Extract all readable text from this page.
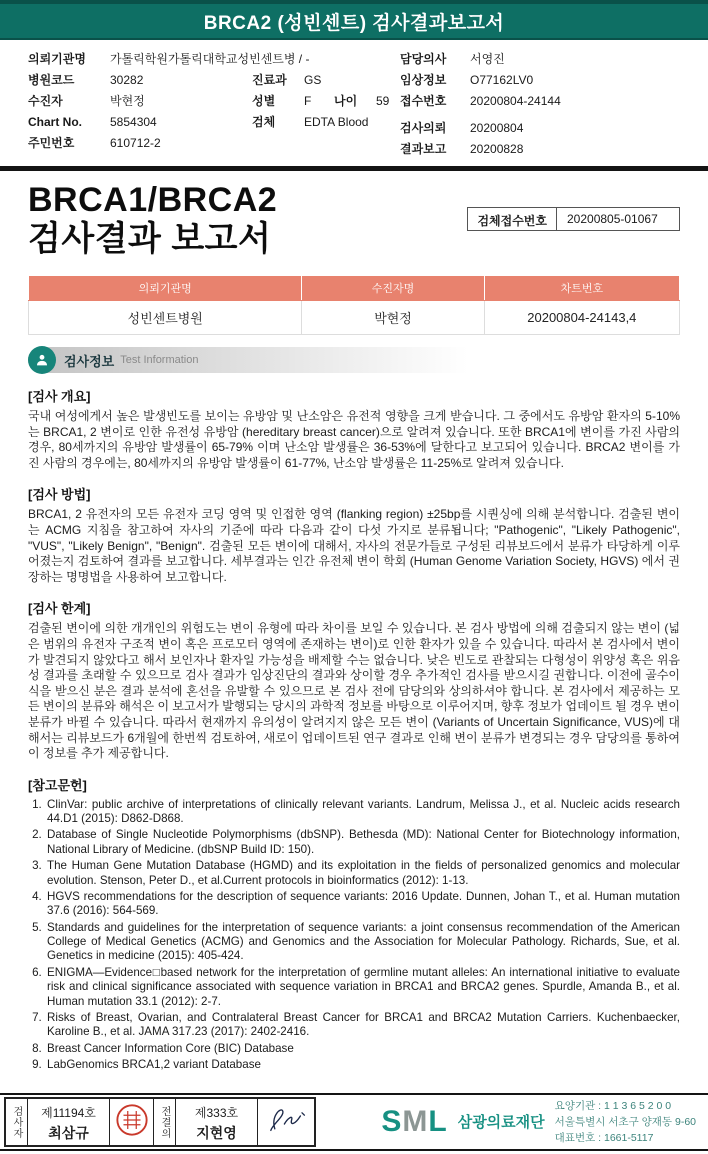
BRCA2 (성빈센트) 검사결과보고서
의뢰기관명	가톨릭학원가톨릭대학교성빈센트병 / -
병원코드	30282	진료과	GS
수진자	박현정	성별	F	나이	59
Chart No.	5854304	검체	EDTA Blood
주민번호	610712-2
담당의사	서영진
임상정보	O77162LV0
접수번호	20200804-24144
검사의뢰	20200804
결과보고	20200828
BRCA1/BRCA2
검사결과 보고서	검체접수번호	20200805-01067
의뢰기관명	수진자명	차트번호
성빈센트병원	박현정	20200804-24143,4
검사정보 Test Information
[검사 개요]

국내 여성에게서 높은 발생빈도를 보이는 유방암 및 난소암은 유전적 영향을 크게 받습니다. 그 중에서도 유방암 환자의 5-10%는 BRCA1, 2 변이로 인한 유전성 유방암 (hereditary breast cancer)으로 알려져 있습니다. 또한 BRCA1에 변이를 가진 사람의 경우, 80세까지의 유방암 발생률이 65-79% 이며 난소암 발생률은 36-53%에 달한다고 보고되어 있습니다. BRCA2 변이를 가진 사람의 경우에는, 80세까지의 유방암 발생률이 61-77%, 난소암 발생률은 11-25%로 알려져 있습니다.

[검사 방법]

BRCA1, 2 유전자의 모든 유전자 코딩 영역 및 인접한 영역 (flanking region) ±25bp를 시퀀싱에 의해 분석합니다. 검출된 변이는 ACMG 지침을 참고하여 자사의 기준에 따라 다음과 같이 다섯 가지로 분류됩니다; "Pathogenic", "Likely Pathogenic", "VUS", "Likely Benign", "Benign". 검출된 모든 변이에 대해서, 자사의 전문가들로 구성된 리뷰보드에서 분류가 타당하게 이루어졌는지 검토하여 결과를 보고합니다. 세부결과는 인간 유전체 변이 학회 (Human Genome Variation Society, HGVS) 에서 권장하는 명명법을 사용하여 보고합니다.

[검사 한계]

검출된 변이에 의한 개개인의 위험도는 변이 유형에 따라 차이를 보일 수 있습니다. 본 검사 방법에 의해 검출되지 않는 변이 (넓은 범위의 유전자 구조적 변이 혹은 프로모터 영역에 존재하는 변이)로 인한 환자가 있을 수 있습니다. 따라서 본 검사에서 변이가 발견되지 않았다고 해서 보인자나 환자일 가능성을 배제할 수는 없습니다. 낮은 빈도로 관찰되는 다형성이 위양성 혹은 위음성 결과를 초래할 수 있으므로 검사 결과가 임상진단의 결과와 상이할 경우 추가적인 검사를 받으시길 권합니다. 이전에 골수이식을 받으신 분은 결과 분석에 혼선을 유발할 수 있으므로 본 검사 전에 담당의와 상의하셔야 합니다. 본 검사에서 제공하는 모든 변이의 분류와 해석은 이 보고서가 발행되는 당시의 과학적 정보를 바탕으로 이루어지며, 향후 정보가 업데이트 될 경우 변이 분류가 바뀔 수 있습니다. 따라서 현재까지 유의성이 알려지지 않은 모든 변이 (Variants of Uncertain Significance, VUS)에 대해서는 리뷰보드가 6개월에 한번씩 검토하여, 새로이 업데이트된 연구 결과로 인해 변이 분류가 변경되는 경우 담당의를 통하여 이 정보를 추가 제공합니다.

[참고문헌]
1. ClinVar: public archive of interpretations of clinically relevant variants. Landrum, Melissa J., et al. Nucleic acids research 44.D1 (2015): D862-D868.
2. Database of Single Nucleotide Polymorphisms (dbSNP). Bethesda (MD): National Center for Biotechnology information, National Library of Medicine. (dbSNP Build ID: 150).
3. The Human Gene Mutation Database (HGMD) and its exploitation in the fields of personalized genomics and molecular evolution. Stenson, Peter D., et al.Current protocols in bioinformatics (2012): 1-13.
4. HGVS recommendations for the description of sequence variants: 2016 Update. Dunnen, Johan T., et al. Human mutation 37.6 (2016): 564-569.
5. Standards and guidelines for the interpretation of sequence variants: a joint consensus recommendation of the American College of Medical Genetics (ACMG) and Genomics and the Association for Molecular Pathology. Richards, Sue, et al. Genetics in medicine (2015): 405-424.
6. ENIGMA—Evidence□based network for the interpretation of germline mutant alleles: An international initiative to evaluate risk and clinical significance associated with sequence variation in BRCA1 and BRCA2 genes. Spurdle, Amanda B., et al. Human mutation 33.1 (2012): 2-7.
7. Risks of Breast, Ovarian, and Contralateral Breast Cancer for BRCA1 and BRCA2 Mutation Carriers. Kuchenbaecker, Karoline B., et al. JAMA 317.23 (2017): 2402-2416.
8. Breast Cancer Information Core (BIC) Database
9. LabGenomics BRCA1,2 variant Database
검사자	제11194호
최삼규	전결의	제333호
지현영	SML 삼광의료재단
요양기관 : 1 1 3 6 5 2 0 0
서울특별시 서초구 양재동 9-60
대표번호 : 1661-5117
